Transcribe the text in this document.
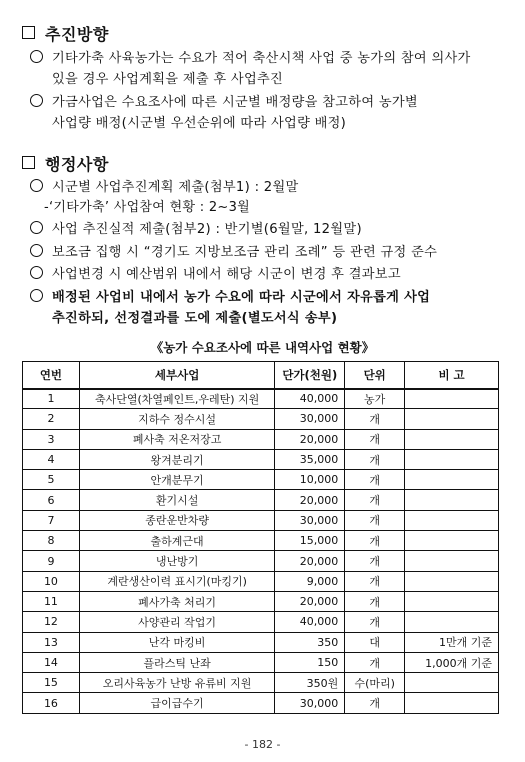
추진방향
기타가축 사육농가는 수요가 적어 축산시책 사업 중 농가의 참여 의사가
있을 경우 사업계획을 제출 후 사업추진
가금사업은 수요조사에 따른 시군별 배정량을 참고하여 농가별
사업량 배정(시군별 우선순위에 따라 사업량 배정)
행정사항
시군별 사업추진계획 제출(첨부1) : 2월말
-‘기타가축’ 사업참여 현황 : 2~3월
사업 추진실적 제출(첨부2) : 반기별(6월말, 12월말)
보조금 집행 시 “경기도 지방보조금 관리 조례” 등 관련 규정 준수
사업변경 시 예산범위 내에서 해당 시군이 변경 후 결과보고
배정된 사업비 내에서 농가 수요에 따라 시군에서 자유롭게 사업
추진하되, 선정결과를 도에 제출(별도서식 송부)
《농가 수요조사에 따른 내역사업 현황》
연번	세부사업	단가(천원)	단위	비 고
1	축사단열(차열페인트,우레탄) 지원	40,000	농가	
2	지하수 정수시설	30,000	개	
3	폐사축 저온저장고	20,000	개	
4	왕겨분리기	35,000	개	
5	안개분무기	10,000	개	
6	환기시설	20,000	개	
7	종란운반차량	30,000	개	
8	출하계근대	15,000	개	
9	냉난방기	20,000	개	
10	계란생산이력 표시기(마킹기)	9,000	개	
11	폐사가축 처리기	20,000	개	
12	사양관리 작업기	40,000	개	
13	난각 마킹비	350	대	1만개 기준
14	플라스틱 난좌	150	개	1,000개 기준
15	오리사육농가 난방 유류비 지원	350원	수(마리)	
16	급이급수기	30,000	개	
- 182 -
